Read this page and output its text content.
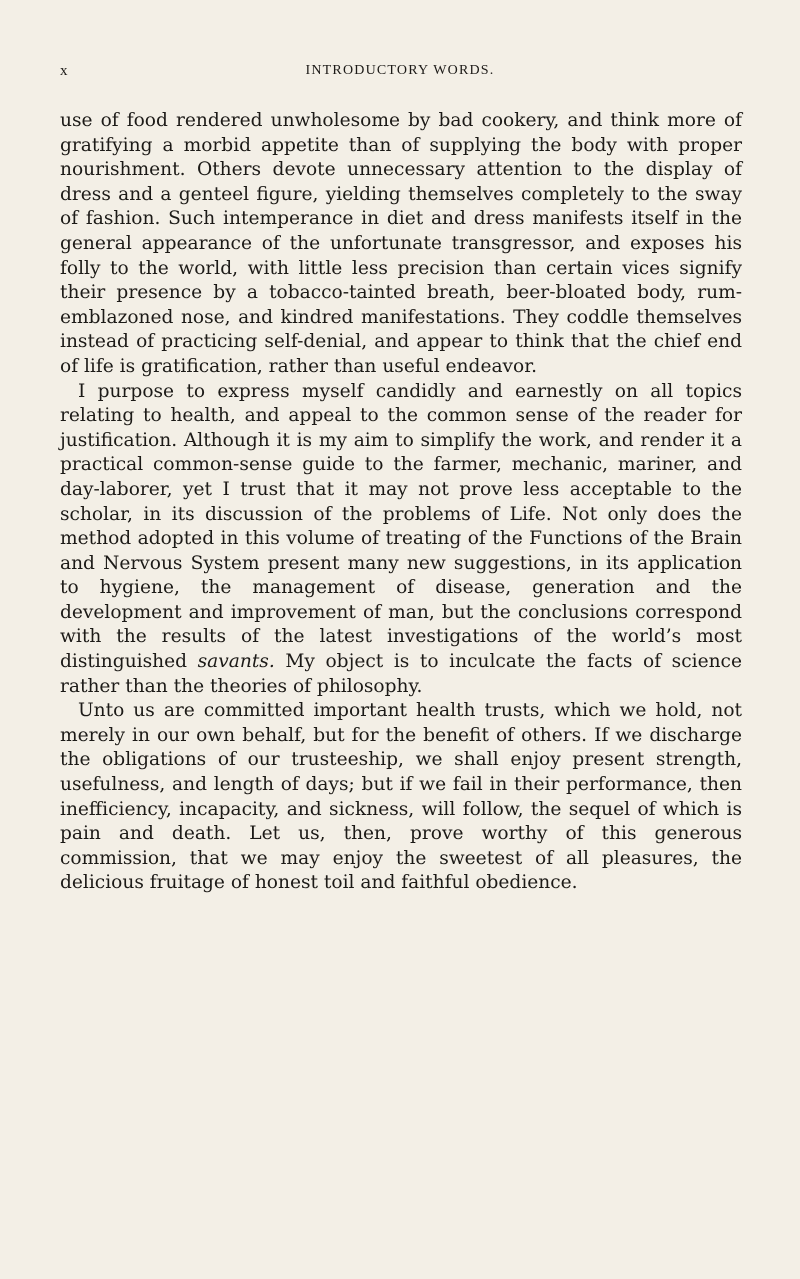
x	INTRODUCTORY WORDS.

use of food rendered unwholesome by bad cookery, and think more of gratifying a morbid appetite than of supplying the body with proper nourishment. Others devote unnecessary attention to the display of dress and a genteel figure, yielding themselves completely to the sway of fashion. Such intemperance in diet and dress manifests itself in the general appearance of the unfortunate transgressor, and exposes his folly to the world, with little less precision than certain vices signify their presence by a tobacco-tainted breath, beer-bloated body, rum-emblazoned nose, and kindred manifestations. They coddle themselves instead of practicing self-denial, and appear to think that the chief end of life is gratification, rather than useful endeavor.

I purpose to express myself candidly and earnestly on all topics relating to health, and appeal to the common sense of the reader for justification. Although it is my aim to simplify the work, and render it a practical common-sense guide to the farmer, mechanic, mariner, and day-laborer, yet I trust that it may not prove less acceptable to the scholar, in its discussion of the problems of Life. Not only does the method adopted in this volume of treating of the Functions of the Brain and Nervous System present many new suggestions, in its application to hygiene, the management of disease, generation and the development and improvement of man, but the conclusions correspond with the results of the latest investigations of the world’s most distinguished savants. My object is to inculcate the facts of science rather than the theories of philosophy.

Unto us are committed important health trusts, which we hold, not merely in our own behalf, but for the benefit of others. If we discharge the obligations of our trusteeship, we shall enjoy present strength, usefulness, and length of days; but if we fail in their performance, then inefficiency, incapacity, and sickness, will follow, the sequel of which is pain and death. Let us, then, prove worthy of this generous commission, that we may enjoy the sweetest of all pleasures, the delicious fruitage of honest toil and faithful obedience.
